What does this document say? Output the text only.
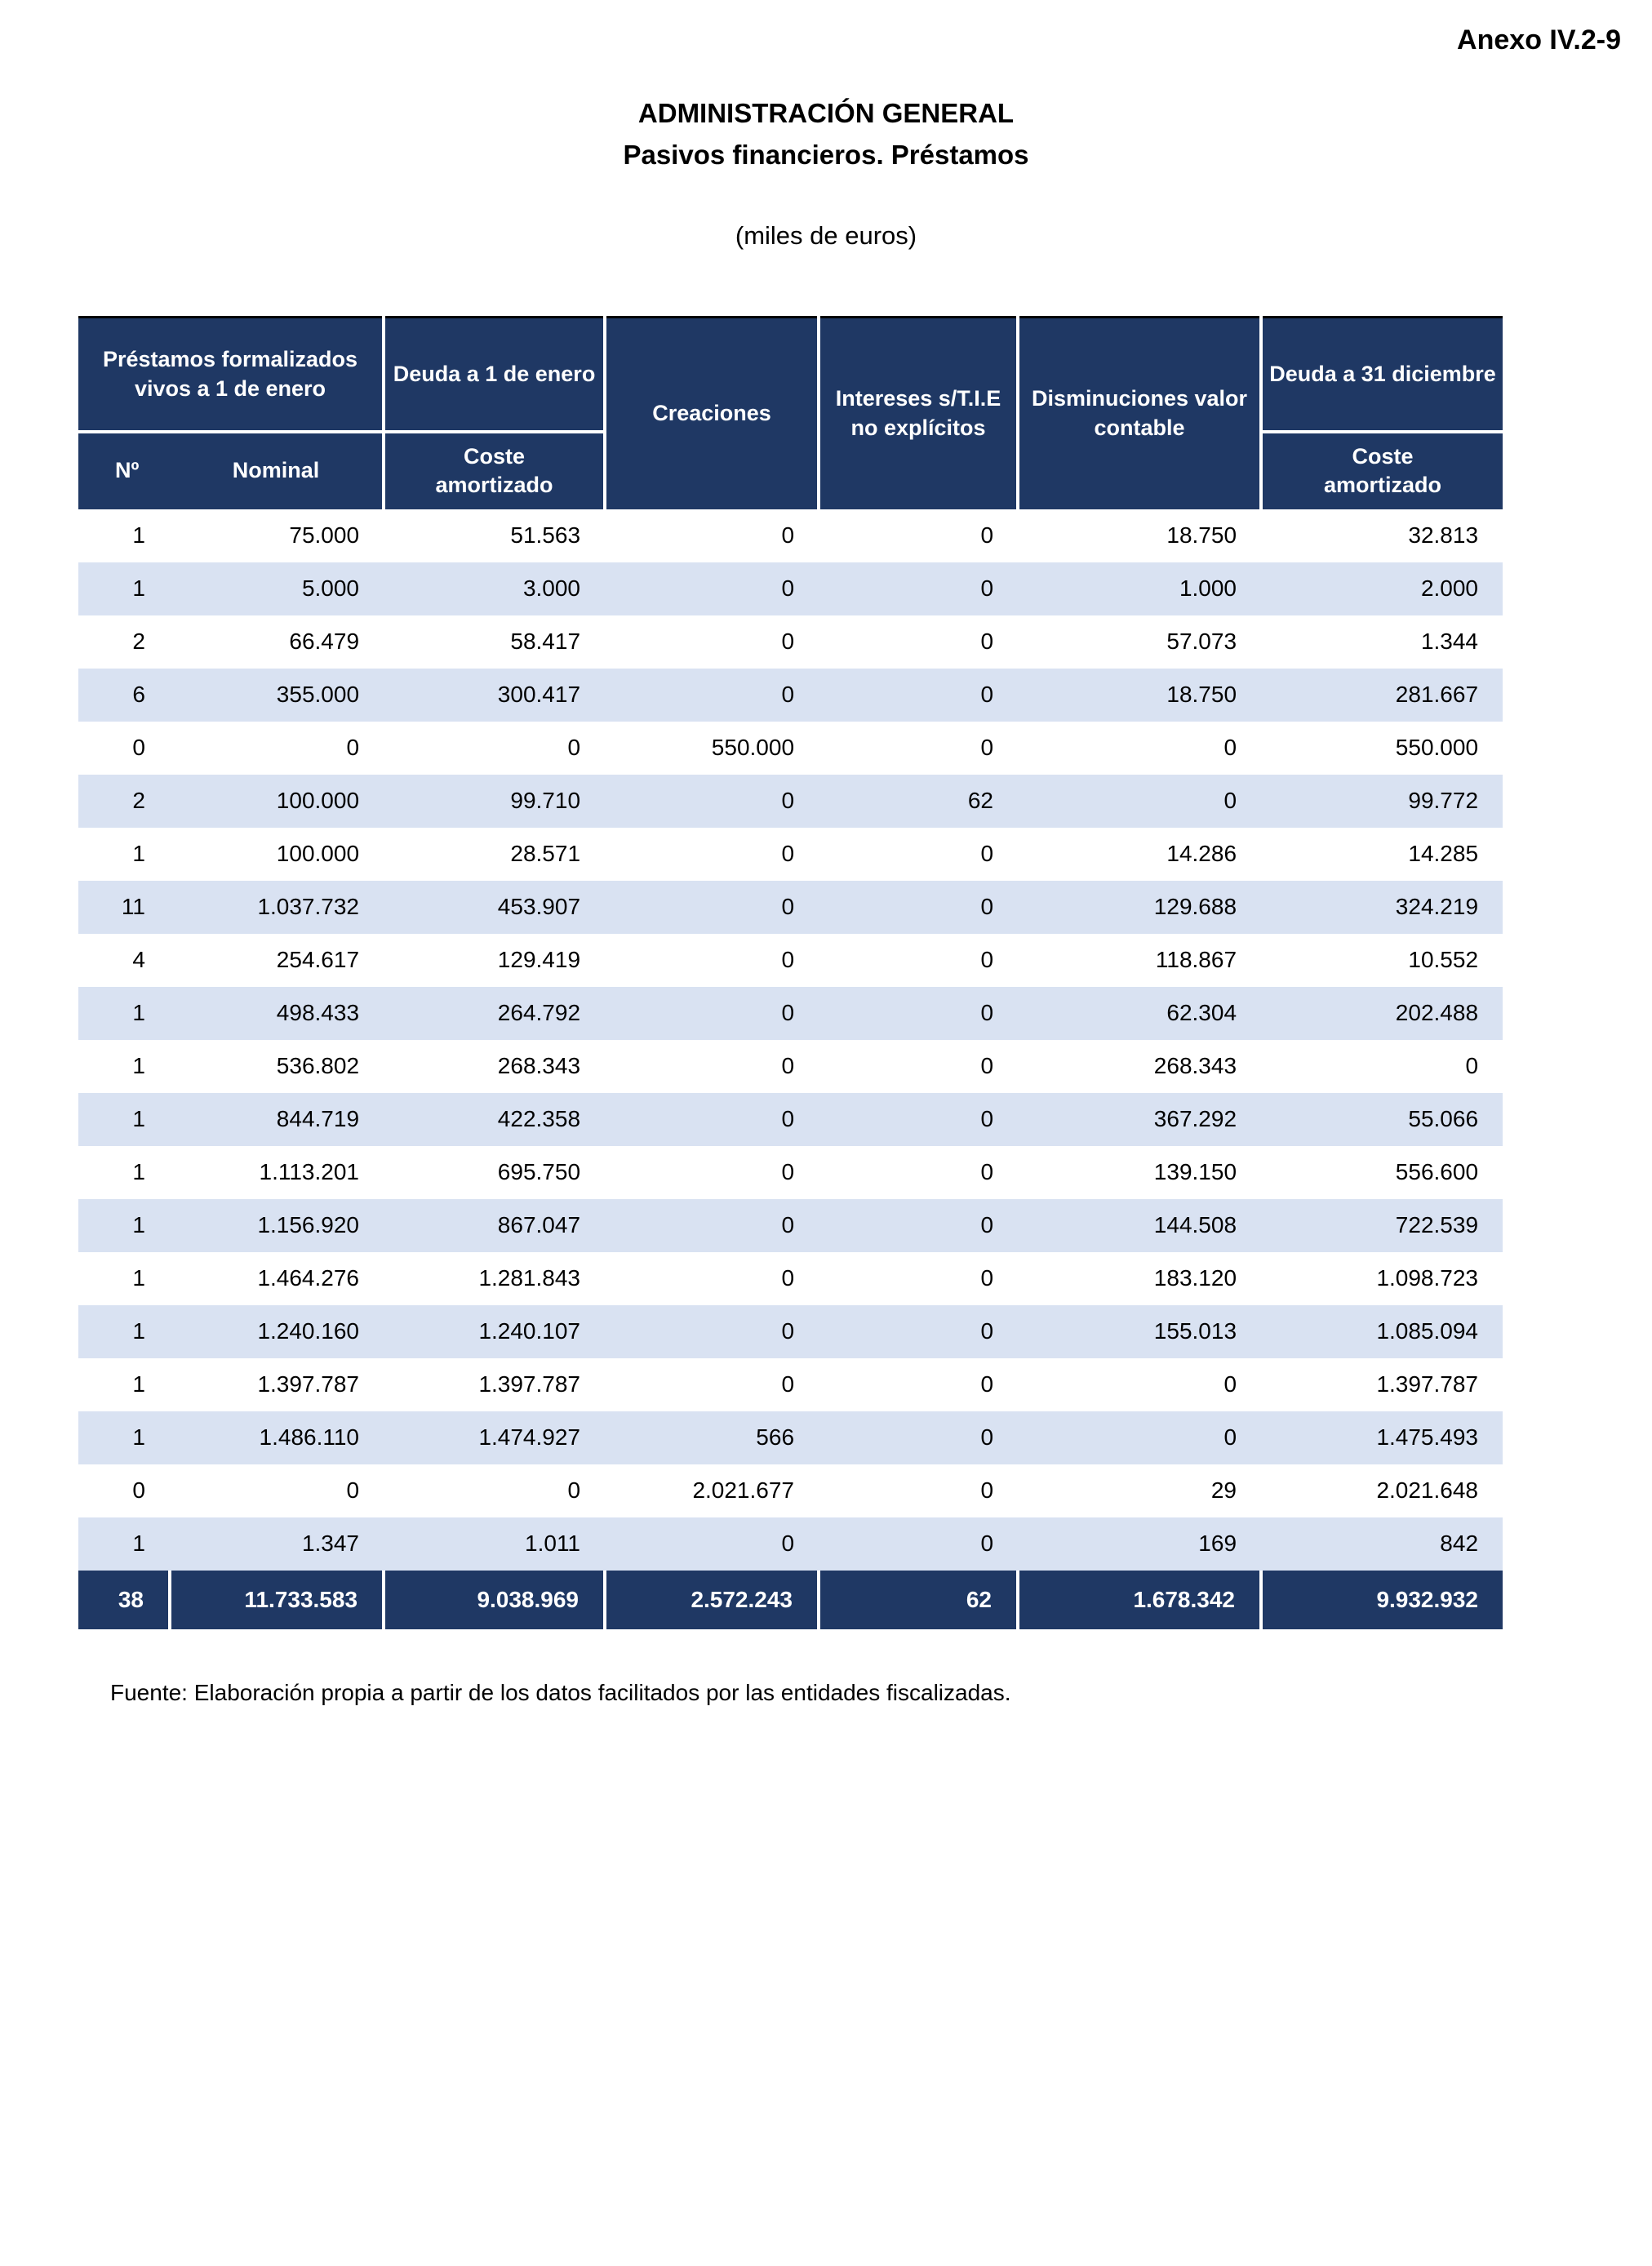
Anexo IV.2-9
ADMINISTRACIÓN GENERAL
Pasivos financieros. Préstamos
(miles de euros)
Préstamos formalizados vivos a 1 de enero		Deuda a 1 de enero	Creaciones	Intereses s/T.I.E no explícitos	Disminuciones valor contable	Deuda a 31 diciembre
Nº	Nominal	Coste amortizado				Coste amortizado
1	75.000	51.563	0	0	18.750	32.813
1	5.000	3.000	0	0	1.000	2.000
2	66.479	58.417	0	0	57.073	1.344
6	355.000	300.417	0	0	18.750	281.667
0	0	0	550.000	0	0	550.000
2	100.000	99.710	0	62	0	99.772
1	100.000	28.571	0	0	14.286	14.285
11	1.037.732	453.907	0	0	129.688	324.219
4	254.617	129.419	0	0	118.867	10.552
1	498.433	264.792	0	0	62.304	202.488
1	536.802	268.343	0	0	268.343	0
1	844.719	422.358	0	0	367.292	55.066
1	1.113.201	695.750	0	0	139.150	556.600
1	1.156.920	867.047	0	0	144.508	722.539
1	1.464.276	1.281.843	0	0	183.120	1.098.723
1	1.240.160	1.240.107	0	0	155.013	1.085.094
1	1.397.787	1.397.787	0	0	0	1.397.787
1	1.486.110	1.474.927	566	0	0	1.475.493
0	0	0	2.021.677	0	29	2.021.648
1	1.347	1.011	0	0	169	842
38	11.733.583	9.038.969	2.572.243	62	1.678.342	9.932.932
Fuente: Elaboración propia a partir de los datos facilitados por las entidades fiscalizadas.
